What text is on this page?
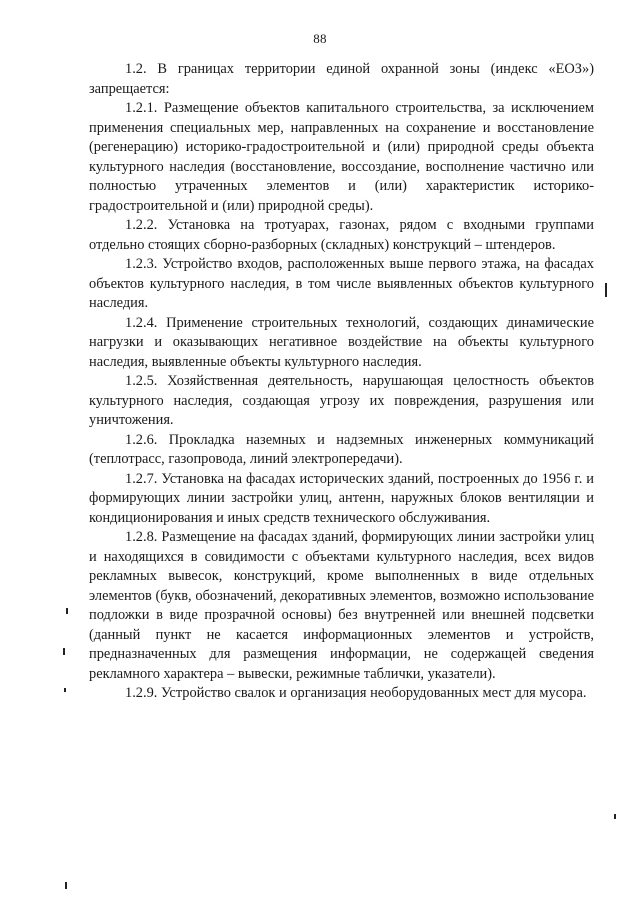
88

1.2. В границах территории единой охранной зоны (индекс «ЕОЗ») запрещается:

1.2.1. Размещение объектов капитального строительства, за исключением применения специальных мер, направленных на сохранение и восстановление (регенерацию) историко-градостроительной и (или) природной среды объекта культурного наследия (восстановление, воссоздание, восполнение частично или полностью утраченных элементов и (или) характеристик историко-градостроительной и (или) природной среды).

1.2.2. Установка на тротуарах, газонах, рядом с входными группами отдельно стоящих сборно-разборных (складных) конструкций – штендеров.

1.2.3. Устройство входов, расположенных выше первого этажа, на фасадах объектов культурного наследия, в том числе выявленных объектов культурного наследия.

1.2.4. Применение строительных технологий, создающих динамические нагрузки и оказывающих негативное воздействие на объекты культурного наследия, выявленные объекты культурного наследия.

1.2.5. Хозяйственная деятельность, нарушающая целостность объектов культурного наследия, создающая угрозу их повреждения, разрушения или уничтожения.

1.2.6. Прокладка наземных и надземных инженерных коммуникаций (теплотрасс, газопровода, линий электропередачи).

1.2.7. Установка на фасадах исторических зданий, построенных до 1956 г. и формирующих линии застройки улиц, антенн, наружных блоков вентиляции и кондиционирования и иных средств технического обслуживания.

1.2.8. Размещение на фасадах зданий, формирующих линии застройки улиц и находящихся в совидимости с объектами культурного наследия, всех видов рекламных вывесок, конструкций, кроме выполненных в виде отдельных элементов (букв, обозначений, декоративных элементов, возможно использование подложки в виде прозрачной основы) без внутренней или внешней подсветки (данный пункт не касается информационных элементов и устройств, предназначенных для размещения информации, не содержащей сведения рекламного характера – вывески, режимные таблички, указатели).

1.2.9. Устройство свалок и организация необорудованных мест для мусора.
